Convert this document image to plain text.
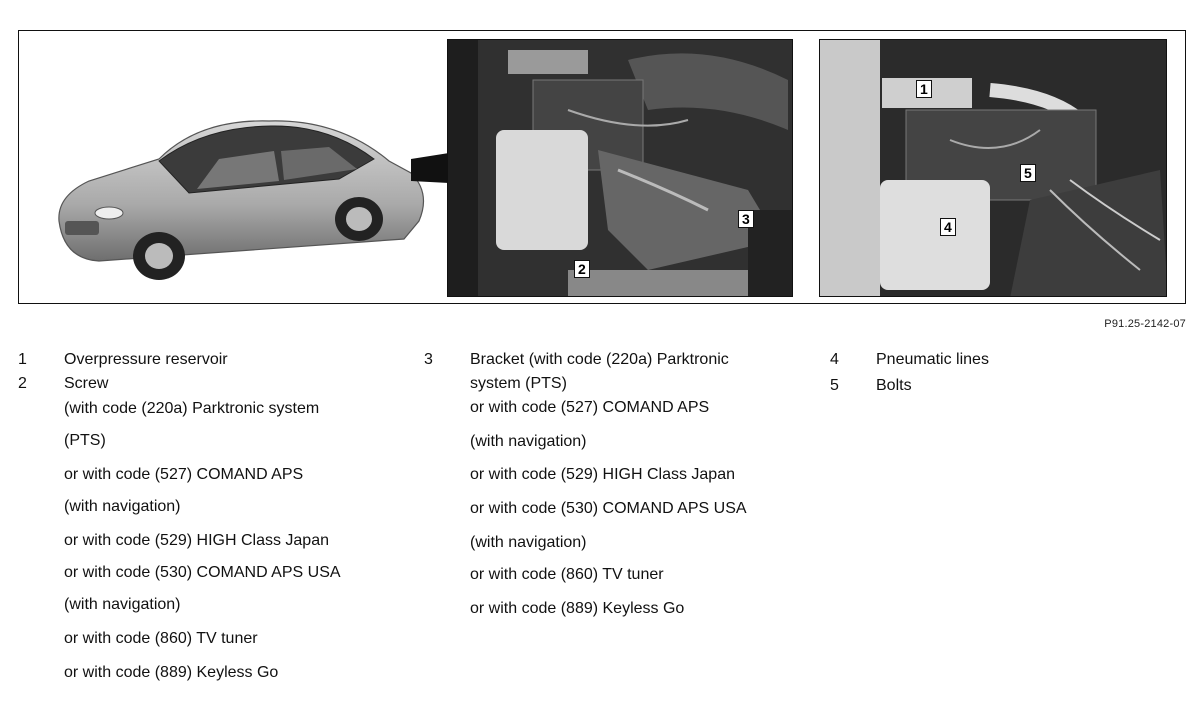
3
2
1
4
5
P91.25-2142-07
1	Overpressure reservoir
2	Screw
(with code (220a) Parktronic system
(PTS)
or with code (527) COMAND APS
(with navigation)
or with code (529) HIGH Class Japan
or with code (530) COMAND APS USA
(with navigation)
or with code (860) TV tuner
or with code (889) Keyless Go
3	Bracket (with code (220a) Parktronic system (PTS)
or with code (527) COMAND APS
(with navigation)
or with code (529) HIGH Class Japan
or with code (530) COMAND APS USA
(with navigation)
or with code (860) TV tuner
or with code (889) Keyless Go
4	Pneumatic lines
5	Bolts
